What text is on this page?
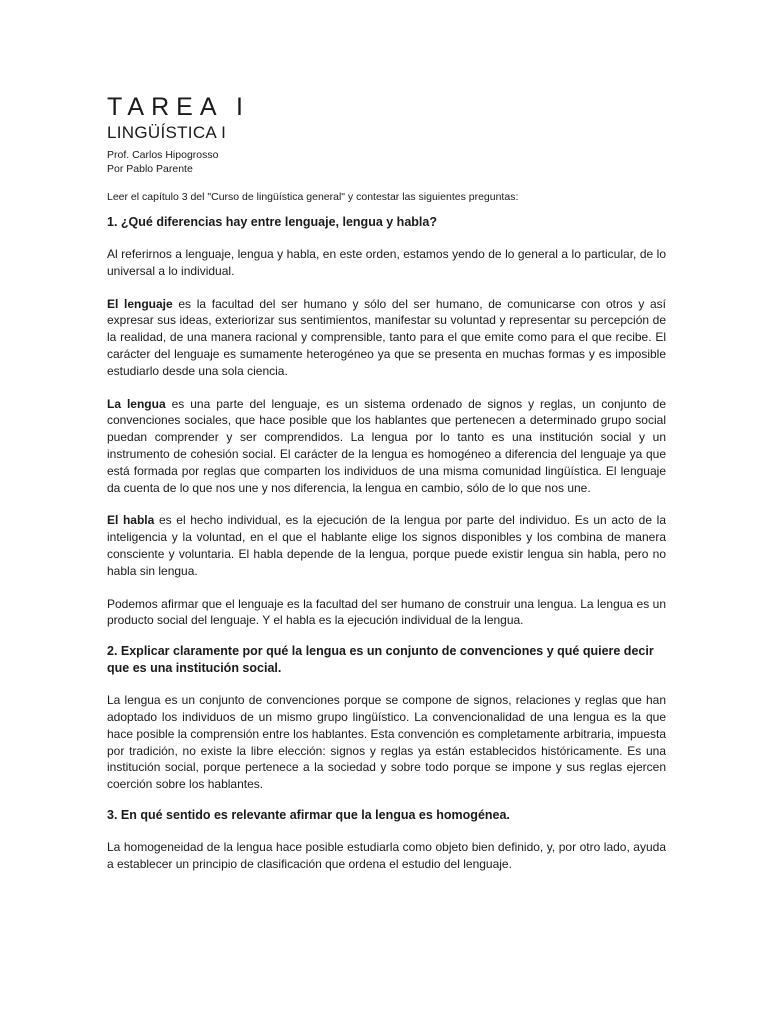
TAREA I
LINGÜÍSTICA I

Prof. Carlos Hipogrosso
Por Pablo Parente

Leer el capítulo 3 del "Curso de lingüística general" y contestar las siguientes preguntas:

1. ¿Qué diferencias hay entre lenguaje, lengua y habla?

Al referirnos a lenguaje, lengua y habla, en este orden, estamos yendo de lo general a lo particular, de lo universal a lo individual.

El lenguaje es la facultad del ser humano y sólo del ser humano, de comunicarse con otros y así expresar sus ideas, exteriorizar sus sentimientos, manifestar su voluntad y representar su percepción de la realidad, de una manera racional y comprensible, tanto para el que emite como para el que recibe. El carácter del lenguaje es sumamente heterogéneo ya que se presenta en muchas formas y es imposible estudiarlo desde una sola ciencia.

La lengua es una parte del lenguaje, es un sistema ordenado de signos y reglas, un conjunto de convenciones sociales, que hace posible que los hablantes que pertenecen a determinado grupo social puedan comprender y ser comprendidos. La lengua por lo tanto es una institución social y un instrumento de cohesión social. El carácter de la lengua es homogéneo a diferencia del lenguaje ya que está formada por reglas que comparten los individuos de una misma comunidad lingüística. El lenguaje da cuenta de lo que nos une y nos diferencia, la lengua en cambio, sólo de lo que nos une.

El habla es el hecho individual, es la ejecución de la lengua por parte del individuo. Es un acto de la inteligencia y la voluntad, en el que el hablante elige los signos disponibles y los combina de manera consciente y voluntaria. El habla depende de la lengua, porque puede existir lengua sin habla, pero no habla sin lengua.

Podemos afirmar que el lenguaje es la facultad del ser humano de construir una lengua. La lengua es un producto social del lenguaje. Y el habla es la ejecución individual de la lengua.

2. Explicar claramente por qué la lengua es un conjunto de convenciones y qué quiere decir que es una institución social.

La lengua es un conjunto de convenciones porque se compone de signos, relaciones y reglas que han adoptado los individuos de un mismo grupo lingüístico. La convencionalidad de una lengua es la que hace posible la comprensión entre los hablantes. Esta convención es completamente arbitraria, impuesta por tradición, no existe la libre elección: signos y reglas ya están establecidos históricamente. Es una institución social, porque pertenece a la sociedad y sobre todo porque se impone y sus reglas ejercen coerción sobre los hablantes.

3. En qué sentido es relevante afirmar que la lengua es homogénea.

La homogeneidad de la lengua hace posible estudiarla como objeto bien definido, y, por otro lado, ayuda a establecer un principio de clasificación que ordena el estudio del lenguaje.
